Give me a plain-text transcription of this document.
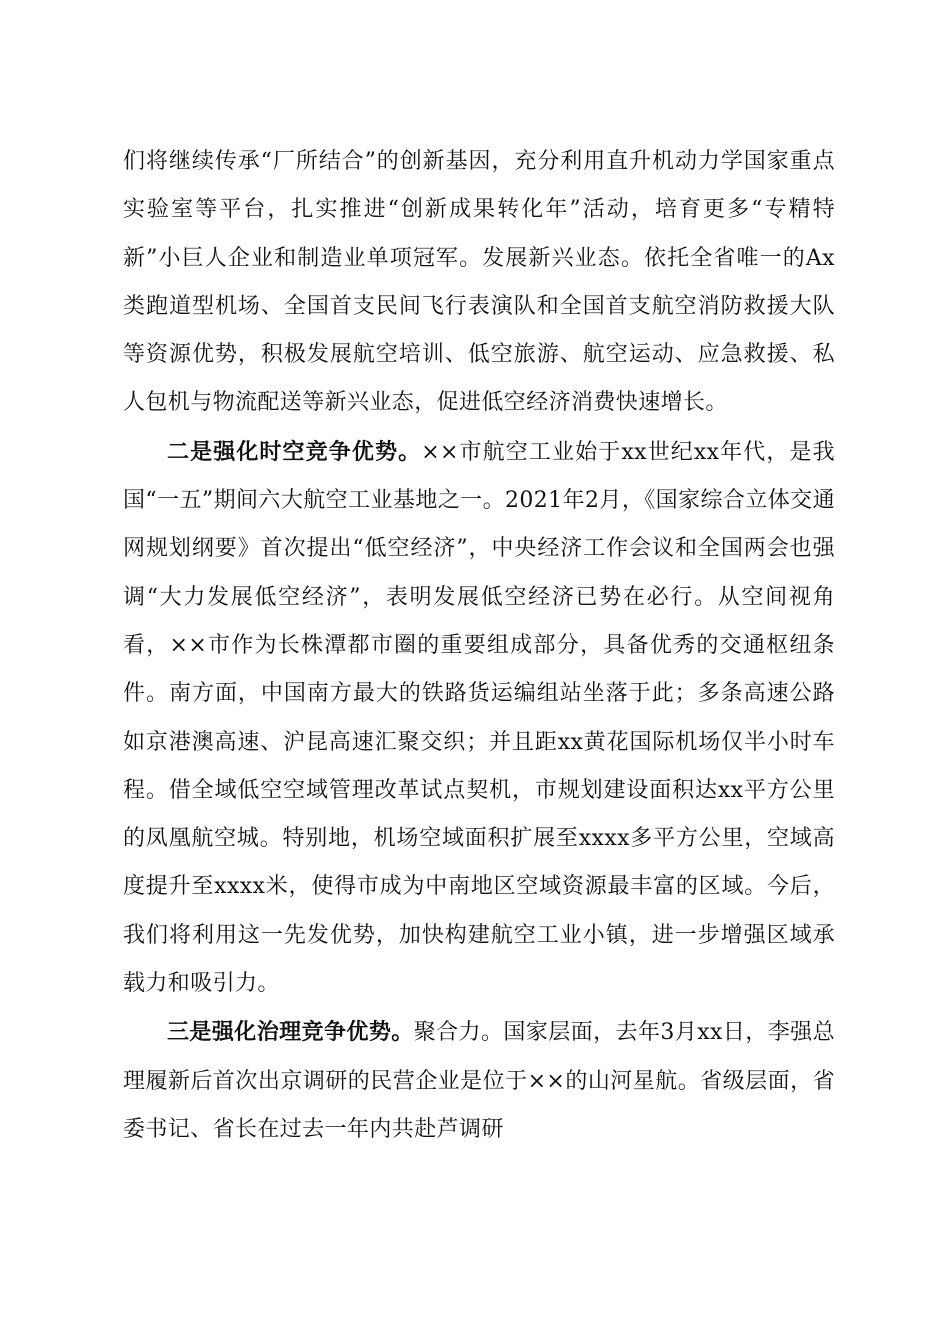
们将继续传承“厂所结合”的创新基因，充分利用直升机动力学国家重点实验室等平台，扎实推进“创新成果转化年”活动，培育更多“专精特新”小巨人企业和制造业单项冠军。发展新兴业态。依托全省唯一的Ax类跑道型机场、全国首支民间飞行表演队和全国首支航空消防救援大队等资源优势，积极发展航空培训、低空旅游、航空运动、应急救援、私人包机与物流配送等新兴业态，促进低空经济消费快速增长。

二是强化时空竞争优势。××市航空工业始于xx世纪xx年代，是我国“一五”期间六大航空工业基地之一。2021年2月，《国家综合立体交通网规划纲要》首次提出“低空经济”，中央经济工作会议和全国两会也强调“大力发展低空经济”，表明发展低空经济已势在必行。从空间视角看，××市作为长株潭都市圈的重要组成部分，具备优秀的交通枢纽条件。南方面，中国南方最大的铁路货运编组站坐落于此；多条高速公路如京港澳高速、沪昆高速汇聚交织；并且距xx黄花国际机场仅半小时车程。借全域低空空域管理改革试点契机，市规划建设面积达xx平方公里的凤凰航空城。特别地，机场空域面积扩展至xxxx多平方公里，空域高度提升至xxxx米，使得市成为中南地区空域资源最丰富的区域。今后，我们将利用这一先发优势，加快构建航空工业小镇，进一步增强区域承载力和吸引力。

三是强化治理竞争优势。聚合力。国家层面，去年3月xx日，李强总理履新后首次出京调研的民营企业是位于××的山河星航。省级层面，省委书记、省长在过去一年内共赴芦调研
